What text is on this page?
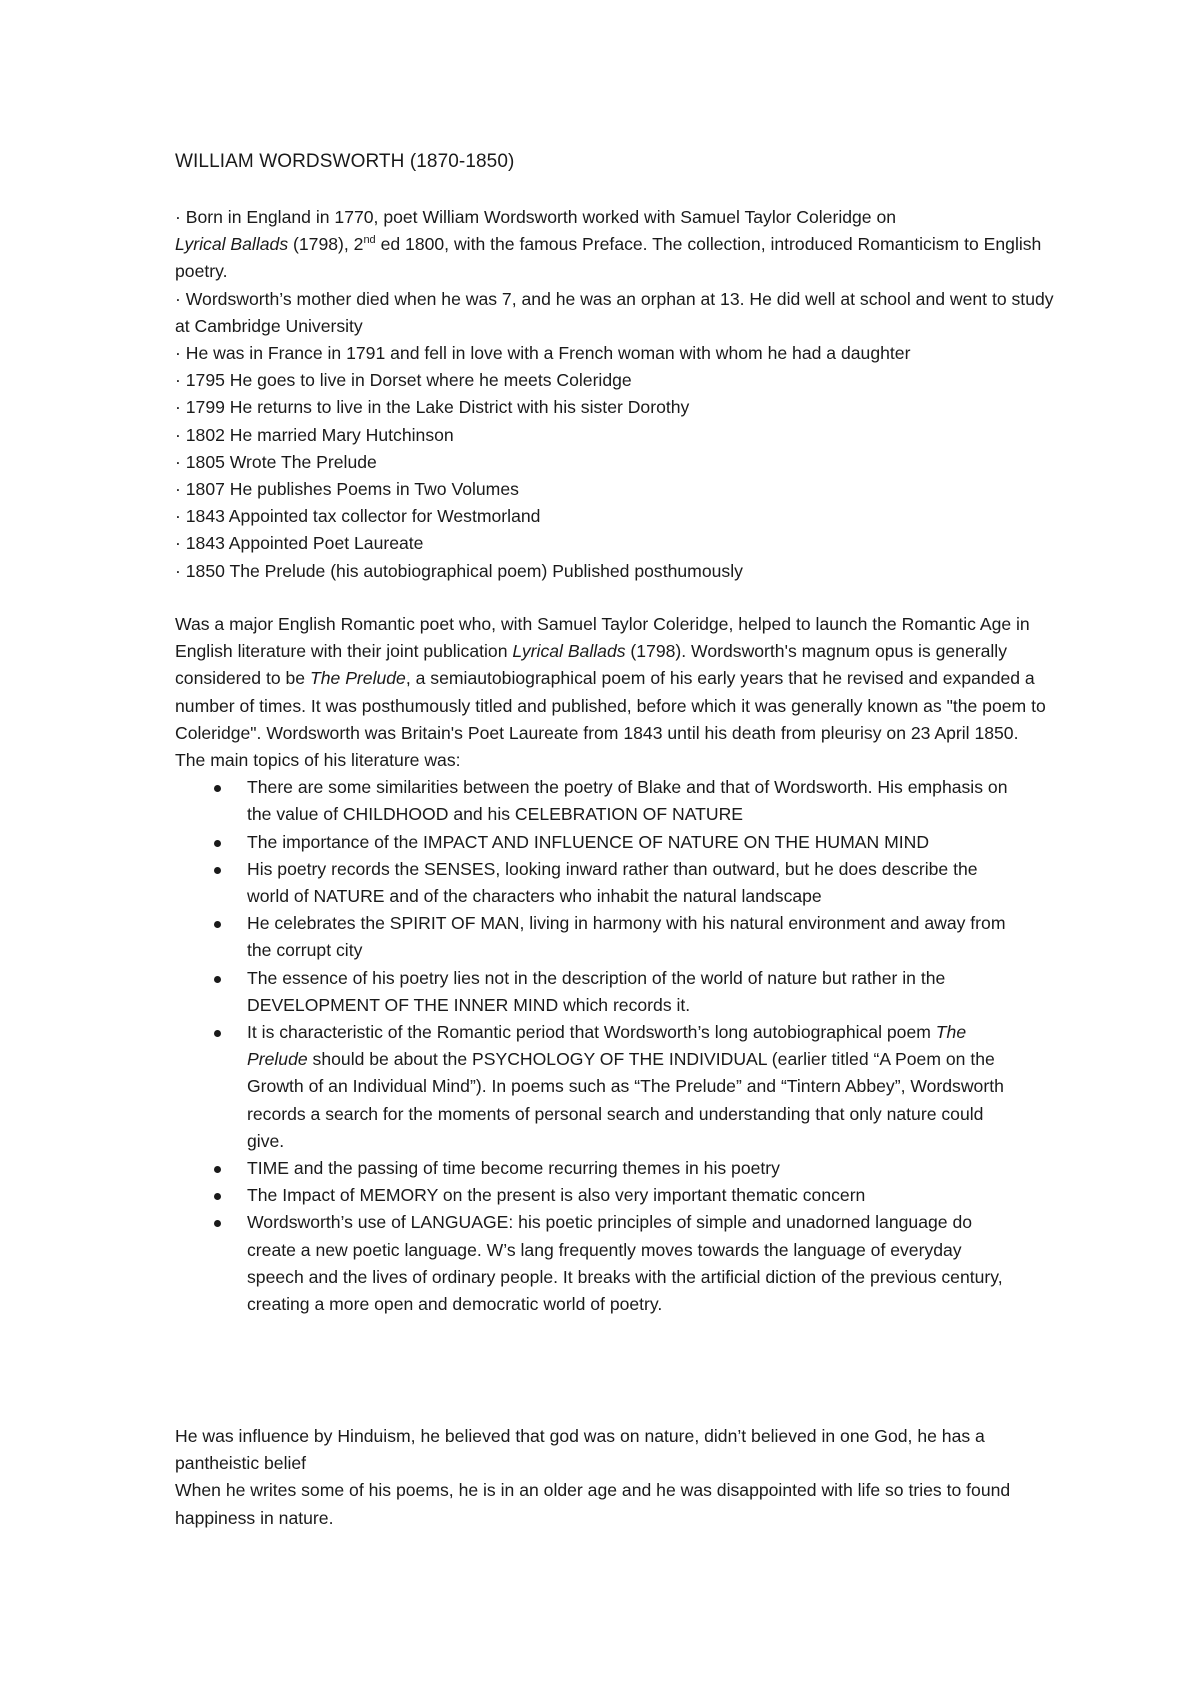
WILLIAM WORDSWORTH (1870-1850)

· Born in England in 1770, poet William Wordsworth worked with Samuel Taylor Coleridge on
Lyrical Ballads (1798), 2nd ed 1800, with the famous Preface. The collection, introduced Romanticism to English poetry.

· Wordsworth’s mother died when he was 7, and he was an orphan at 13. He did well at school and went to study at Cambridge University

· He was in France in 1791 and fell in love with a French woman with whom he had a daughter

· 1795 He goes to live in Dorset where he meets Coleridge

· 1799 He returns to live in the Lake District with his sister Dorothy

· 1802 He married Mary Hutchinson

· 1805 Wrote The Prelude

· 1807 He publishes Poems in Two Volumes

· 1843 Appointed tax collector for Westmorland

· 1843 Appointed Poet Laureate

· 1850 The Prelude (his autobiographical poem) Published posthumously

Was a major English Romantic poet who, with Samuel Taylor Coleridge, helped to launch the Romantic Age in English literature with their joint publication Lyrical Ballads (1798). Wordsworth's magnum opus is generally considered to be The Prelude, a semiautobiographical poem of his early years that he revised and expanded a number of times. It was posthumously titled and published, before which it was generally known as "the poem to Coleridge". Wordsworth was Britain's Poet Laureate from 1843 until his death from pleurisy on 23 April 1850.

The main topics of his literature was:

There are some similarities between the poetry of Blake and that of Wordsworth. His emphasis on the value of CHILDHOOD and his CELEBRATION OF NATURE
The importance of the IMPACT AND INFLUENCE OF NATURE ON THE HUMAN MIND
His poetry records the SENSES, looking inward rather than outward, but he does describe the world of NATURE and of the characters who inhabit the natural landscape
He celebrates the SPIRIT OF MAN, living in harmony with his natural environment and away from the corrupt city
The essence of his poetry lies not in the description of the world of nature but rather in the DEVELOPMENT OF THE INNER MIND which records it.
It is characteristic of the Romantic period that Wordsworth’s long autobiographical poem The Prelude should be about the PSYCHOLOGY OF THE INDIVIDUAL (earlier titled “A Poem on the Growth of an Individual Mind”). In poems such as “The Prelude” and “Tintern Abbey”, Wordsworth records a search for the moments of personal search and understanding that only nature could give.
TIME and the passing of time become recurring themes in his poetry
The Impact of MEMORY on the present is also very important thematic concern
Wordsworth’s use of LANGUAGE: his poetic principles of simple and unadorned language do create a new poetic language. W’s lang frequently moves towards the language of everyday speech and the lives of ordinary people. It breaks with the artificial diction of the previous century, creating a more open and democratic world of poetry.

He was influence by Hinduism, he believed that god was on nature, didn’t believed in one God, he has a pantheistic belief

When he writes some of his poems, he is in an older age and he was disappointed with life so tries to found happiness in nature.
